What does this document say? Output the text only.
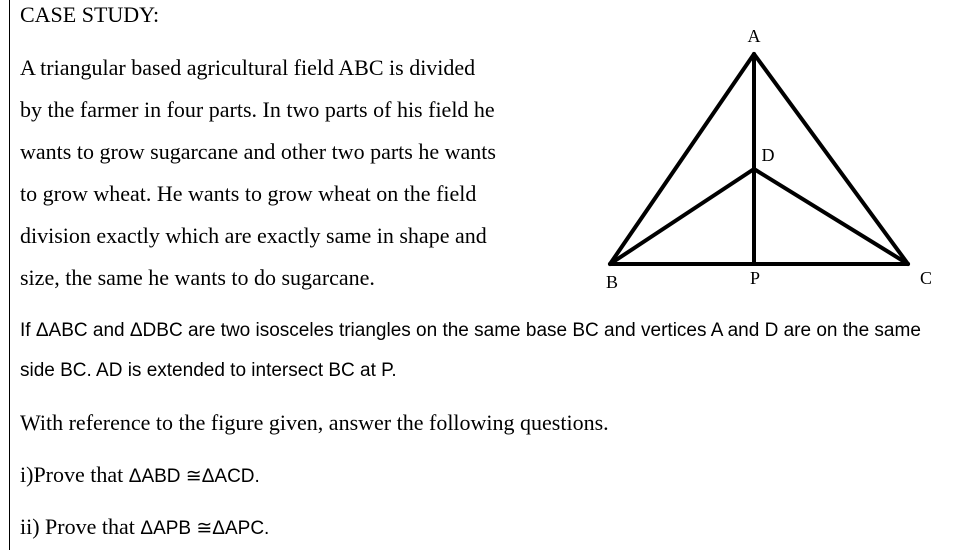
CASE STUDY:
A triangular based agricultural field ABC is divided
by the farmer in four parts. In two parts of his field he
wants to grow sugarcane and other two parts he wants
to grow wheat. He wants to grow wheat on the field
division exactly which are exactly same in shape and
size, the same he wants to do sugarcane.
A
D
B	P	C
If ΔABC and ΔDBC are two isosceles triangles on the same base BC and vertices A and D are on the same
side BC. AD is extended to intersect BC at P.
With reference to the figure given, answer the following questions.
i)Prove that ΔABD ≅ΔACD.
ii) Prove that ΔAPB ≅ΔAPC.
